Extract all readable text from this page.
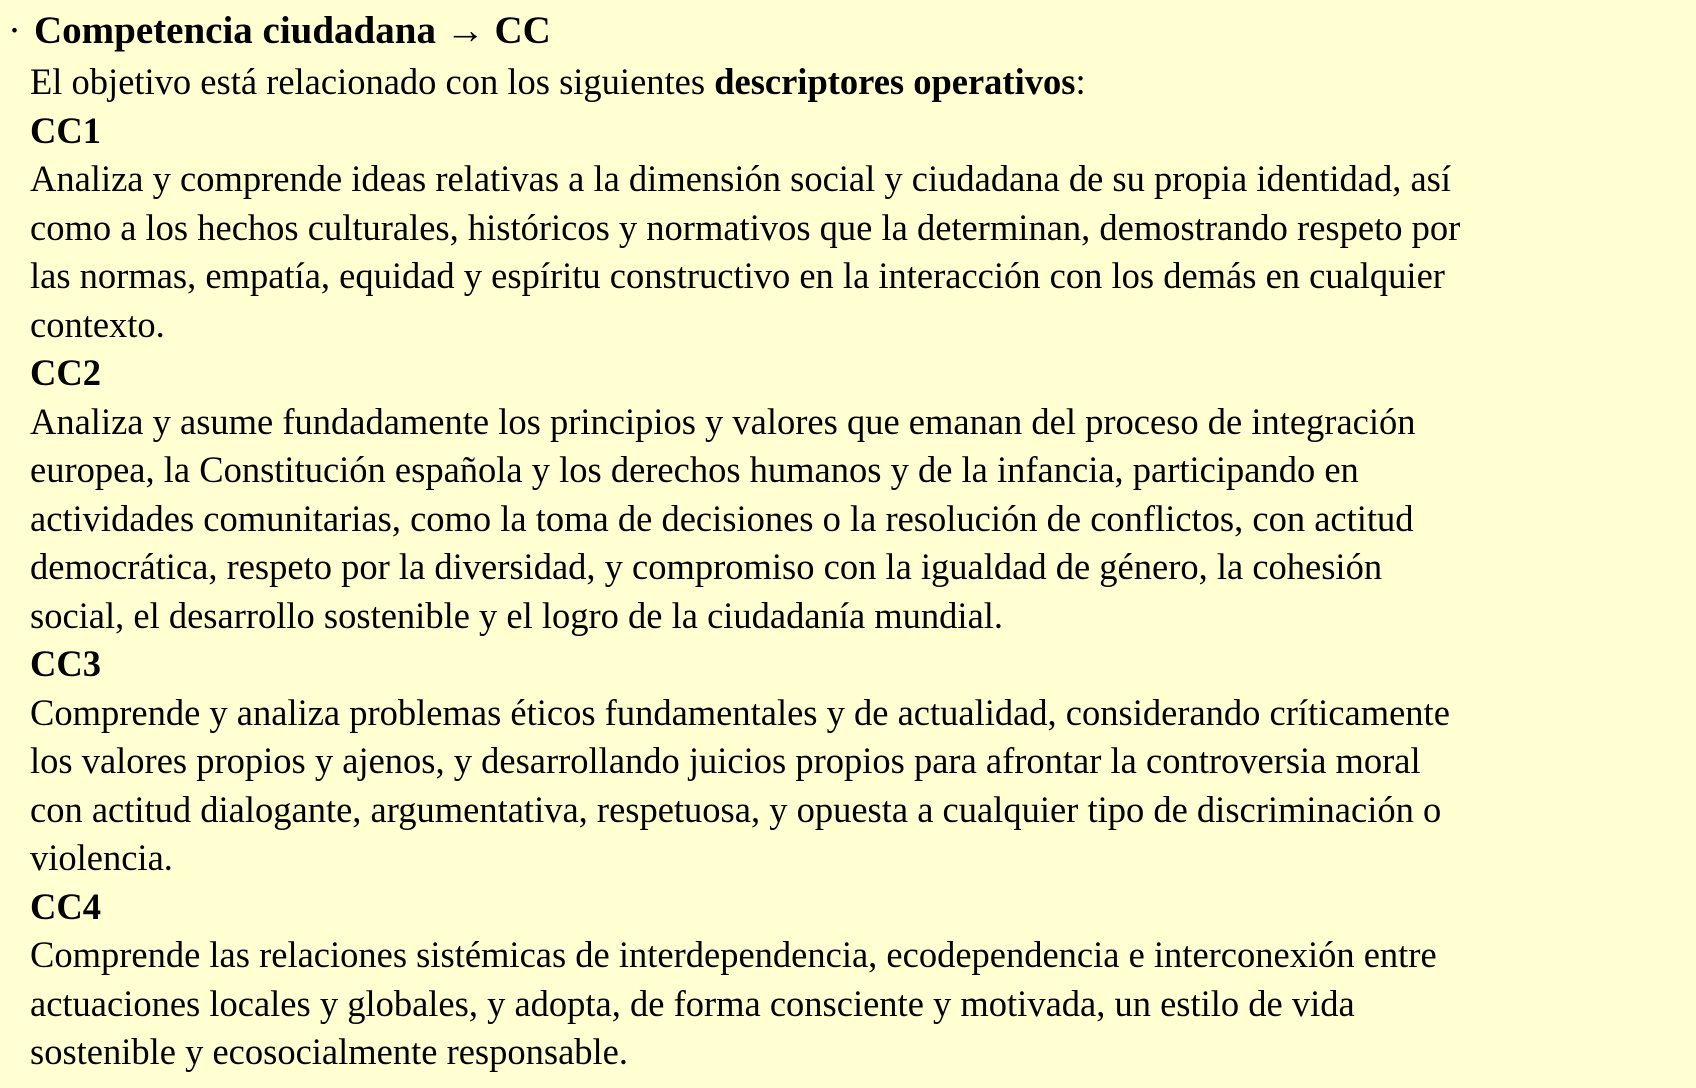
· Competencia ciudadana → CC
El objetivo está relacionado con los siguientes descriptores operativos:
CC1
Analiza y comprende ideas relativas a la dimensión social y ciudadana de su propia identidad, así
como a los hechos culturales, históricos y normativos que la determinan, demostrando respeto por
las normas, empatía, equidad y espíritu constructivo en la interacción con los demás en cualquier
contexto.
CC2
Analiza y asume fundadamente los principios y valores que emanan del proceso de integración
europea, la Constitución española y los derechos humanos y de la infancia, participando en
actividades comunitarias, como la toma de decisiones o la resolución de conflictos, con actitud
democrática, respeto por la diversidad, y compromiso con la igualdad de género, la cohesión
social, el desarrollo sostenible y el logro de la ciudadanía mundial.
CC3
Comprende y analiza problemas éticos fundamentales y de actualidad, considerando críticamente
los valores propios y ajenos, y desarrollando juicios propios para afrontar la controversia moral
con actitud dialogante, argumentativa, respetuosa, y opuesta a cualquier tipo de discriminación o
violencia.
CC4
Comprende las relaciones sistémicas de interdependencia, ecodependencia e interconexión entre
actuaciones locales y globales, y adopta, de forma consciente y motivada, un estilo de vida
sostenible y ecosocialmente responsable.
